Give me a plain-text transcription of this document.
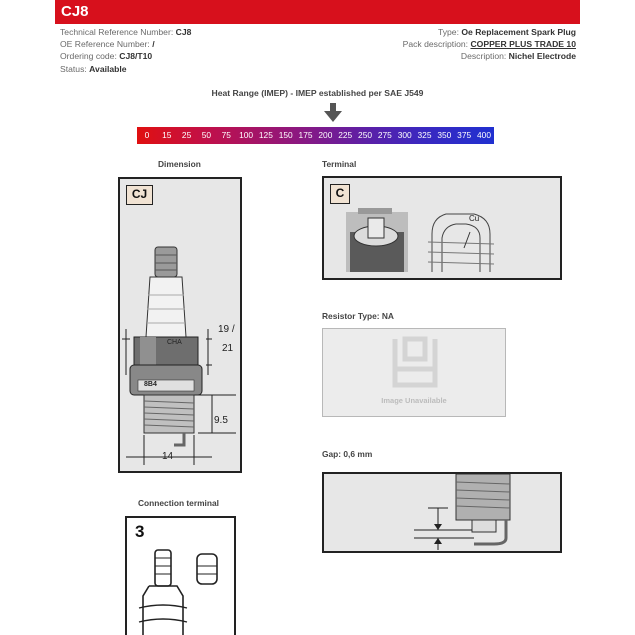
CJ8
Technical Reference Number: CJ8
OE Reference Number: /
Ordering code: CJ8/T10
Status: Available
Type: Oe Replacement Spark Plug
Pack description: COPPER PLUS TRADE 10
Description: Nichel Electrode
Heat Range (IMEP) - IMEP established per SAE J549
0	15	25	50	75 100 125 150 175 200 225 250 275 300 325 350 375 400
Dimension	Terminal
Resistor Type: NA
Gap: 0,6 mm
Connection terminal
CJ
CHA
8B4
19 /
21
9.5
14
C
Cu
Image Unavailable
3
